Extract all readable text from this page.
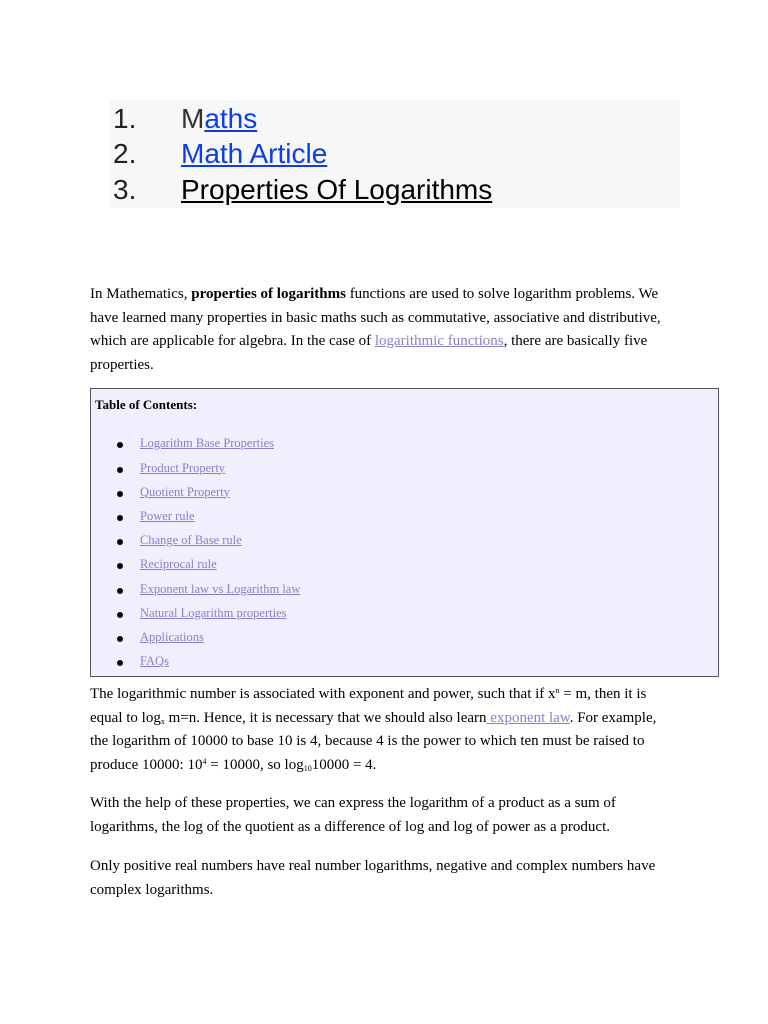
1. Maths
2. Math Article
3. Properties Of Logarithms

In Mathematics, properties of logarithms functions are used to solve logarithm problems. We have learned many properties in basic maths such as commutative, associative and distributive, which are applicable for algebra. In the case of logarithmic functions, there are basically five properties.

Table of Contents:
Logarithm Base Properties
Product Property
Quotient Property
Power rule
Change of Base rule
Reciprocal rule
Exponent law vs Logarithm law
Natural Logarithm properties
Applications
FAQs

The logarithmic number is associated with exponent and power, such that if $x^n = m$, then it is equal to $\log_x m=n$. Hence, it is necessary that we should also learn exponent law. For example, the logarithm of 10000 to base 10 is 4, because 4 is the power to which ten must be raised to produce 10000: $10^4 = 10000$, so $\log_{10}10000 = 4$.

With the help of these properties, we can express the logarithm of a product as a sum of logarithms, the log of the quotient as a difference of log and log of power as a product.

Only positive real numbers have real number logarithms, negative and complex numbers have complex logarithms.
